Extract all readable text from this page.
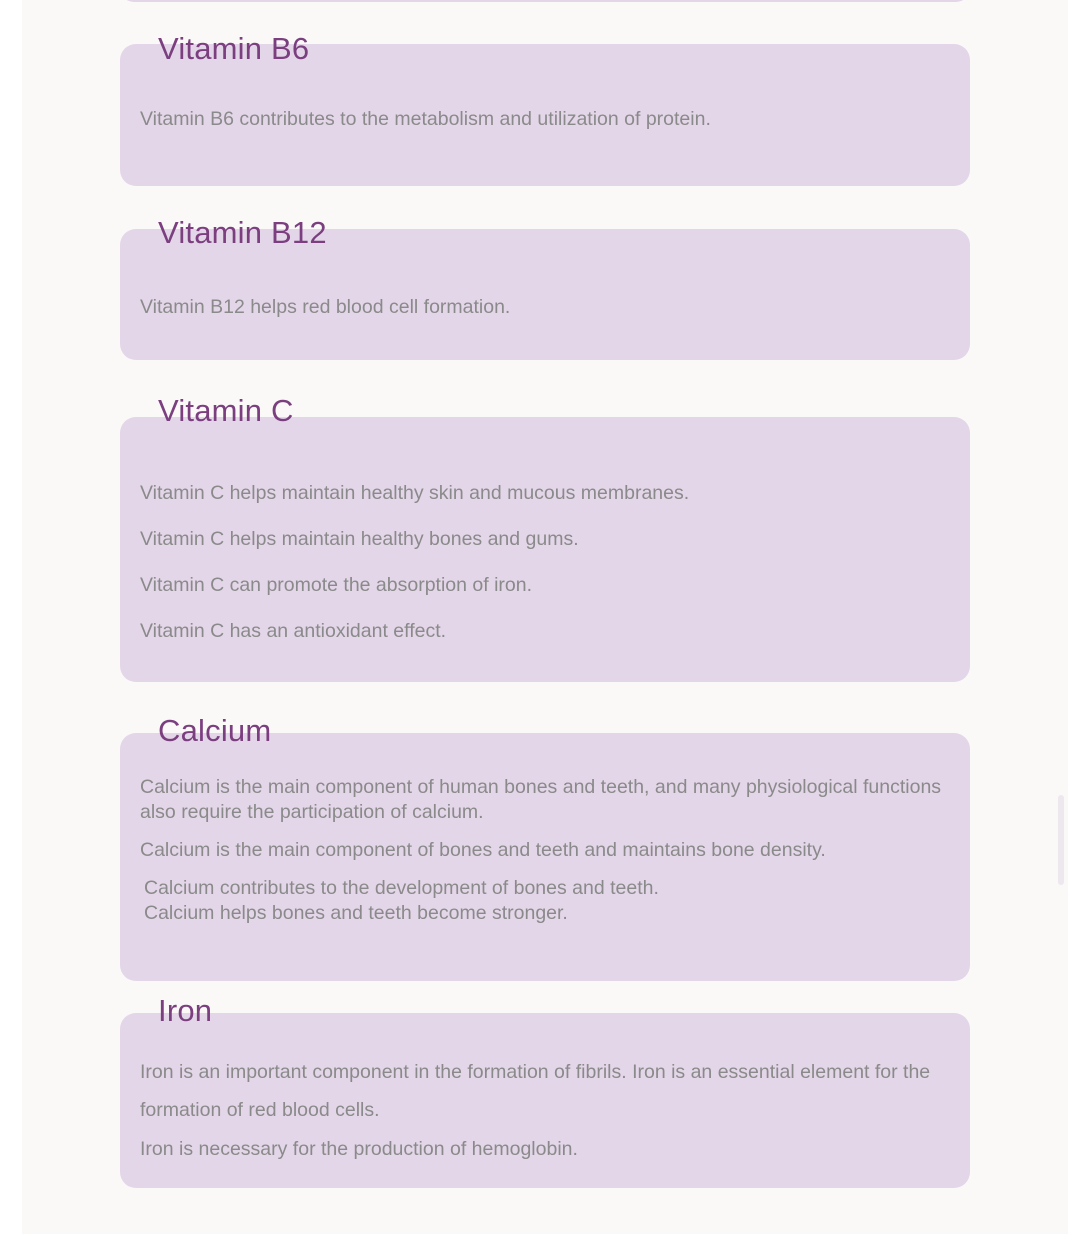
Vitamin B6

Vitamin B6 contributes to the metabolism and utilization of protein.

Vitamin B12

Vitamin B12 helps red blood cell formation.

Vitamin C

Vitamin C helps maintain healthy skin and mucous membranes.

Vitamin C helps maintain healthy bones and gums.

Vitamin C can promote the absorption of iron.

Vitamin C has an antioxidant effect.

Calcium

Calcium is the main component of human bones and teeth, and many physiological functions also require the participation of calcium.

Calcium is the main component of bones and teeth and maintains bone density.

Calcium contributes to the development of bones and teeth.

Calcium helps bones and teeth become stronger.

Iron

Iron is an important component in the formation of fibrils. Iron is an essential element for the formation of red blood cells.

Iron is necessary for the production of hemoglobin.
